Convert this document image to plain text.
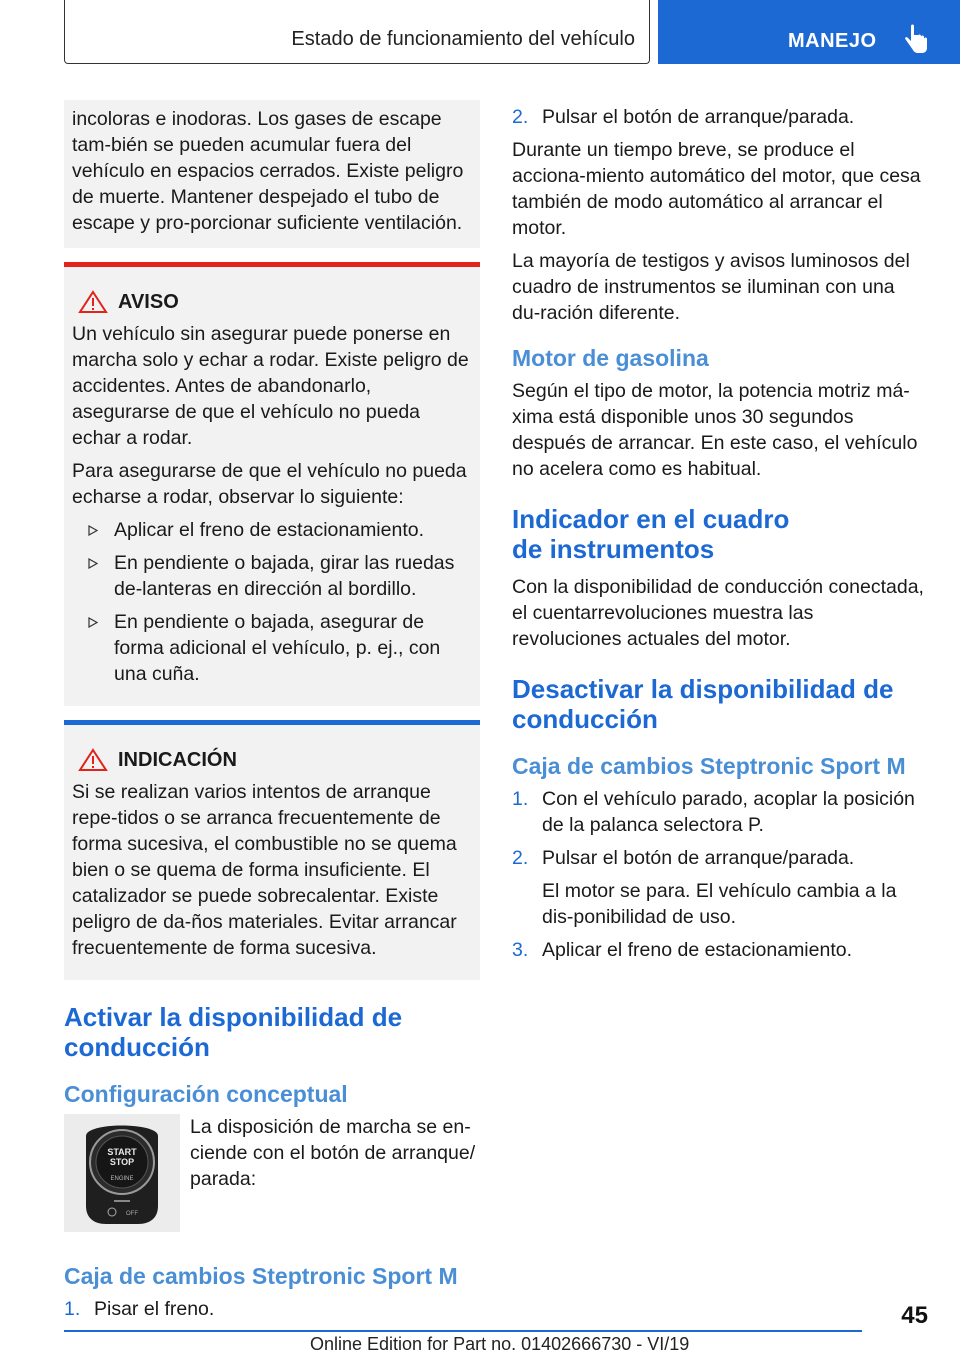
Estado de funcionamiento del vehículo	MANEJO

incoloras e inodoras. Los gases de escape tam-bién se pueden acumular fuera del vehículo en espacios cerrados. Existe peligro de muerte. Mantener despejado el tubo de escape y pro-porcionar suficiente ventilación.

AVISO

Un vehículo sin asegurar puede ponerse en marcha solo y echar a rodar. Existe peligro de accidentes. Antes de abandonarlo, asegurarse de que el vehículo no pueda echar a rodar.

Para asegurarse de que el vehículo no pueda echarse a rodar, observar lo siguiente:

Aplicar el freno de estacionamiento.
En pendiente o bajada, girar las ruedas de-lanteras en dirección al bordillo.
En pendiente o bajada, asegurar de forma adicional el vehículo, p. ej., con una cuña.
INDICACIÓN

Si se realizan varios intentos de arranque repe-tidos o se arranca frecuentemente de forma sucesiva, el combustible no se quema bien o se quema de forma insuficiente. El catalizador se puede sobrecalentar. Existe peligro de da-ños materiales. Evitar arrancar frecuentemente de forma sucesiva.

Activar la disponibilidad de conducción
Configuración conceptual
START
STOP
ENGINE
OFF

La disposición de marcha se en-ciende con el botón de arranque/ parada:

Caja de cambios Steptronic Sport M
1. Pisar el freno.
2. Pulsar el botón de arranque/parada.

Durante un tiempo breve, se produce el acciona-miento automático del motor, que cesa también de modo automático al arrancar el motor.

La mayoría de testigos y avisos luminosos del cuadro de instrumentos se iluminan con una du-ración diferente.

Motor de gasolina

Según el tipo de motor, la potencia motriz má-xima está disponible unos 30 segundos después de arrancar. En este caso, el vehículo no acelera como es habitual.

Indicador en el cuadro
de instrumentos

Con la disponibilidad de conducción conectada, el cuentarrevoluciones muestra las revoluciones actuales del motor.

Desactivar la disponibilidad de conducción
Caja de cambios Steptronic Sport M
1. Con el vehículo parado, acoplar la posición de la palanca selectora P.
2. Pulsar el botón de arranque/parada.
El motor se para. El vehículo cambia a la dis-ponibilidad de uso.
3. Aplicar el freno de estacionamiento.
45
Online Edition for Part no. 01402666730 - VI/19
